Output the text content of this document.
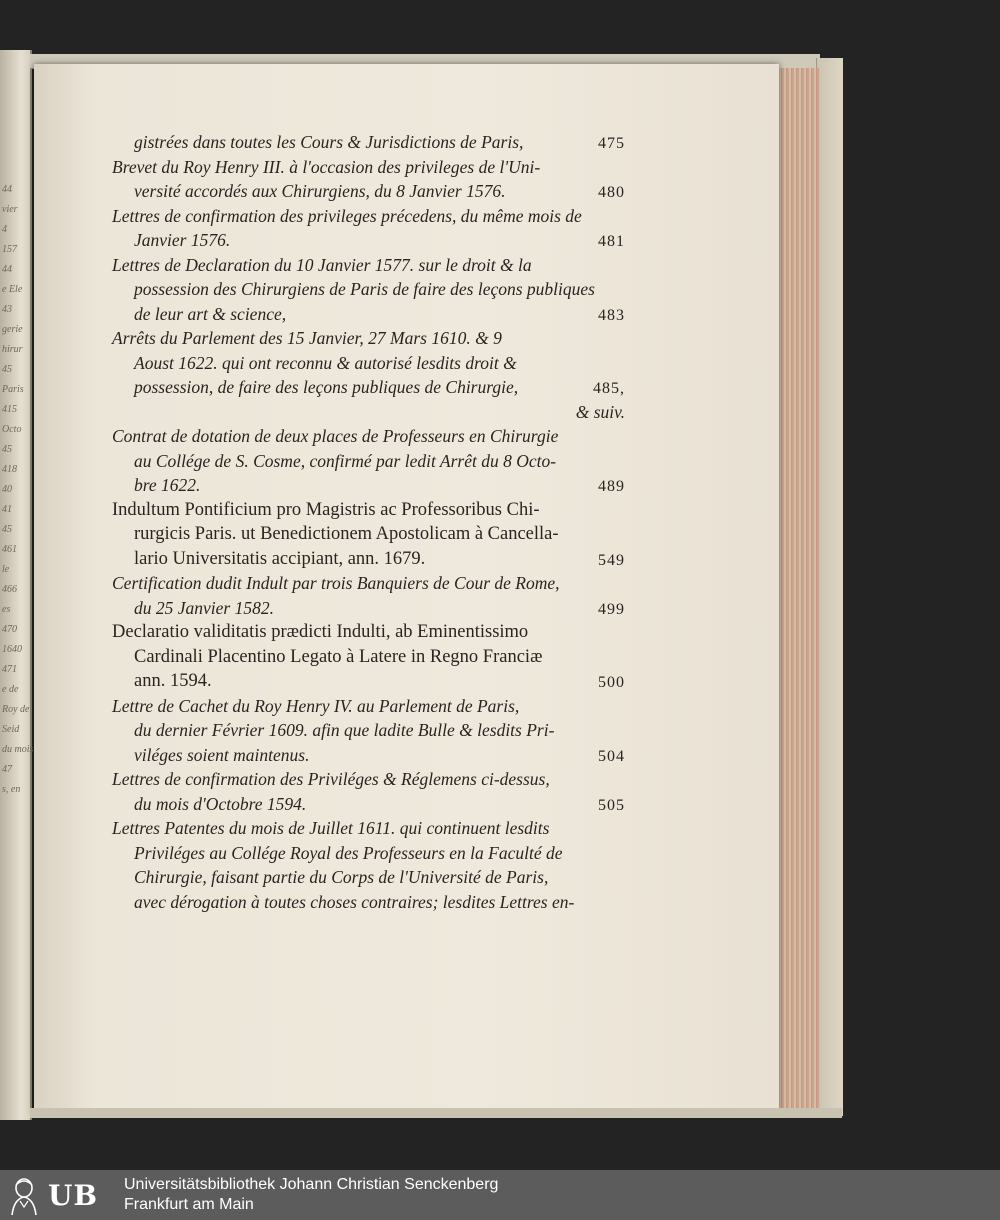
44
vier
4
157
44
e Ele
43
gerie
hirur
45
Paris
415
Octo
45
418
40
41
45
461
le
466
es
470
1640
471
e de
Roy de
Seid
du mois
47
s, en
gistrées dans toutes les Cours & Jurisdictions de Paris,	475
Brevet du Roy Henry III. à l'occasion des privileges de l'Uni-
versité accordés aux Chirurgiens, du 8 Janvier 1576.	480
Lettres de confirmation des privileges précedens, du même mois de
Janvier 1576.	481
Lettres de Declaration du 10 Janvier 1577. sur le droit & la
possession des Chirurgiens de Paris de faire des leçons publiques
de leur art & science,	483
Arrêts du Parlement des 15 Janvier, 27 Mars 1610. & 9
Aoust 1622. qui ont reconnu & autorisé lesdits droit &
possession, de faire des leçons publiques de Chirurgie,	485,
& suiv.
Contrat de dotation de deux places de Professeurs en Chirurgie
au Collége de S. Cosme, confirmé par ledit Arrêt du 8 Octo-
bre 1622.	489
Indultum Pontificium pro Magistris ac Professoribus Chi-
rurgicis Paris. ut Benedictionem Apostolicam à Cancella-
lario Universitatis accipiant, ann. 1679.	549
Certification dudit Indult par trois Banquiers de Cour de Rome,
du 25 Janvier 1582.	499
Declaratio validitatis prædicti Indulti, ab Eminentissimo
Cardinali Placentino Legato à Latere in Regno Franciæ
ann. 1594.	500
Lettre de Cachet du Roy Henry IV. au Parlement de Paris,
du dernier Février 1609. afin que ladite Bulle & lesdits Pri-
viléges soient maintenus.	504
Lettres de confirmation des Priviléges & Réglemens ci-dessus,
du mois d'Octobre 1594.	505
Lettres Patentes du mois de Juillet 1611. qui continuent lesdits
Priviléges au Collége Royal des Professeurs en la Faculté de
Chirurgie, faisant partie du Corps de l'Université de Paris,
avec dérogation à toutes choses contraires; lesdites Lettres en-
UB Universitätsbibliothek Johann Christian Senckenberg
Frankfurt am Main
